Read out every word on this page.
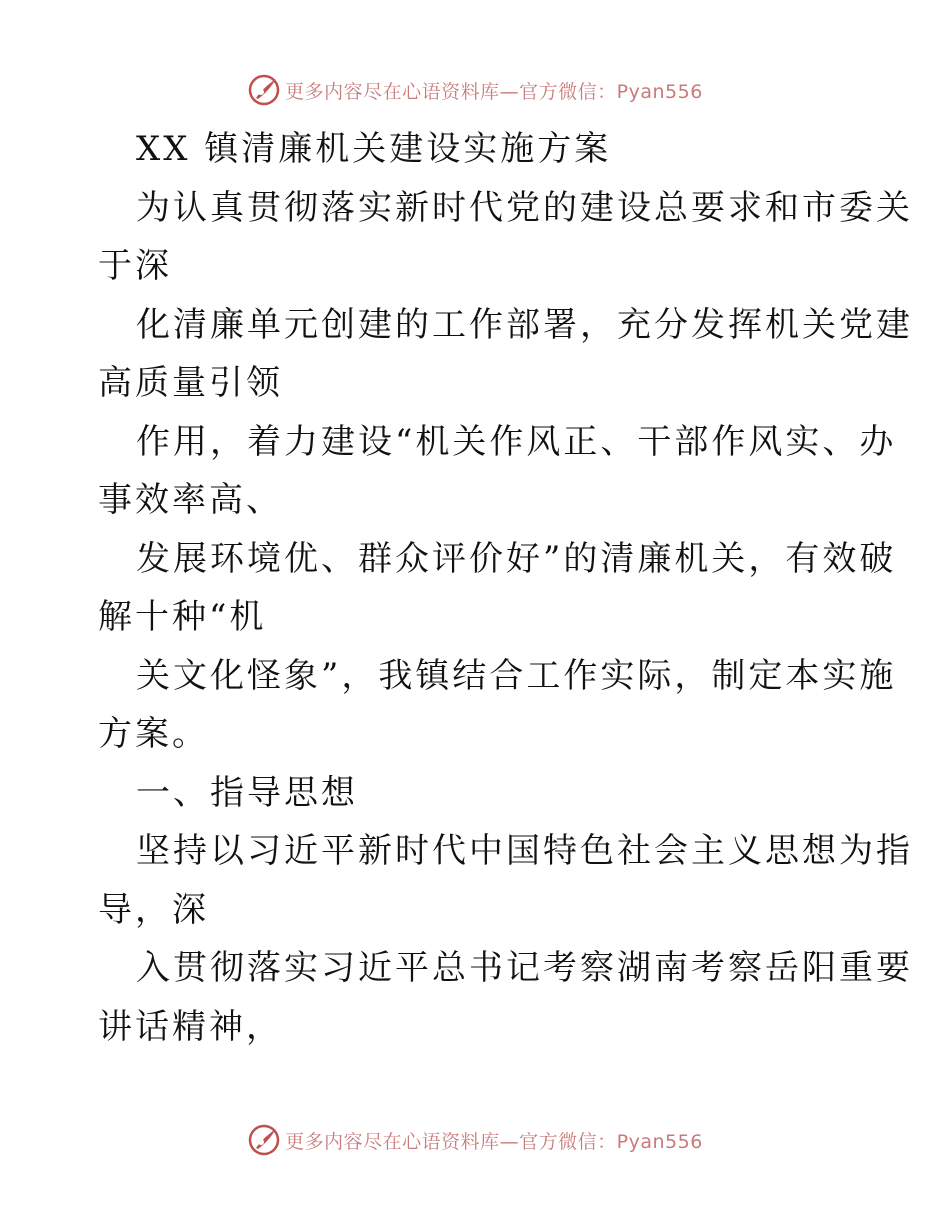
更多内容尽在心语资料库—官方微信：Pyan556
XX 镇清廉机关建设实施方案
为认真贯彻落实新时代党的建设总要求和市委关
于深
化清廉单元创建的工作部署，充分发挥机关党建
高质量引领
作用，着力建设“机关作风正、干部作风实、办
事效率高、
发展环境优、群众评价好”的清廉机关，有效破
解十种“机
关文化怪象”，我镇结合工作实际，制定本实施
方案。
一、指导思想
坚持以习近平新时代中国特色社会主义思想为指
导，深
入贯彻落实习近平总书记考察湖南考察岳阳重要
讲话精神，
更多内容尽在心语资料库—官方微信：Pyan556
